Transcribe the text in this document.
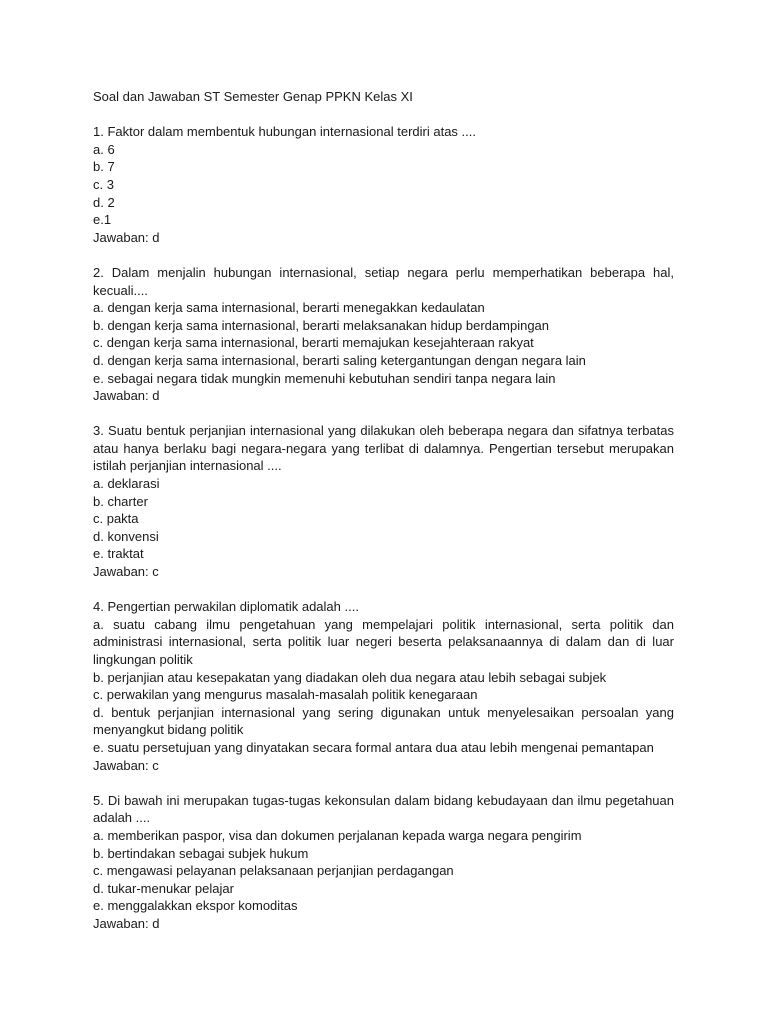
Soal dan Jawaban ST Semester Genap PPKN Kelas XI
1. Faktor dalam membentuk hubungan internasional terdiri atas ....
a. 6
b. 7
c. 3
d. 2
e.1
Jawaban: d
2. Dalam menjalin hubungan internasional, setiap negara perlu memperhatikan beberapa hal, kecuali....
a. dengan kerja sama internasional, berarti menegakkan kedaulatan
b. dengan kerja sama internasional, berarti melaksanakan hidup berdampingan
c. dengan kerja sama internasional, berarti memajukan kesejahteraan rakyat
d. dengan kerja sama internasional, berarti saling ketergantungan dengan negara lain
e. sebagai negara tidak mungkin memenuhi kebutuhan sendiri tanpa negara lain
Jawaban: d
3. Suatu bentuk perjanjian internasional yang dilakukan oleh beberapa negara dan sifatnya terbatas atau hanya berlaku bagi negara-negara yang terlibat di dalamnya. Pengertian tersebut merupakan istilah perjanjian internasional ....
a. deklarasi
b. charter
c. pakta
d. konvensi
e. traktat
Jawaban: c
4. Pengertian perwakilan diplomatik adalah ....
a. suatu cabang ilmu pengetahuan yang mempelajari politik internasional, serta politik dan administrasi internasional, serta politik luar negeri beserta pelaksanaannya di dalam dan di luar lingkungan politik
b. perjanjian atau kesepakatan yang diadakan oleh dua negara atau lebih sebagai subjek
c. perwakilan yang mengurus masalah-masalah politik kenegaraan
d. bentuk perjanjian internasional yang sering digunakan untuk menyelesaikan persoalan yang menyangkut bidang politik
e. suatu persetujuan yang dinyatakan secara formal antara dua atau lebih mengenai pemantapan
Jawaban: c
5. Di bawah ini merupakan tugas-tugas kekonsulan dalam bidang kebudayaan dan ilmu pegetahuan adalah ....
a. memberikan paspor, visa dan dokumen perjalanan kepada warga negara pengirim
b. bertindakan sebagai subjek hukum
c. mengawasi pelayanan pelaksanaan perjanjian perdagangan
d. tukar-menukar pelajar
e. menggalakkan ekspor komoditas
Jawaban: d
